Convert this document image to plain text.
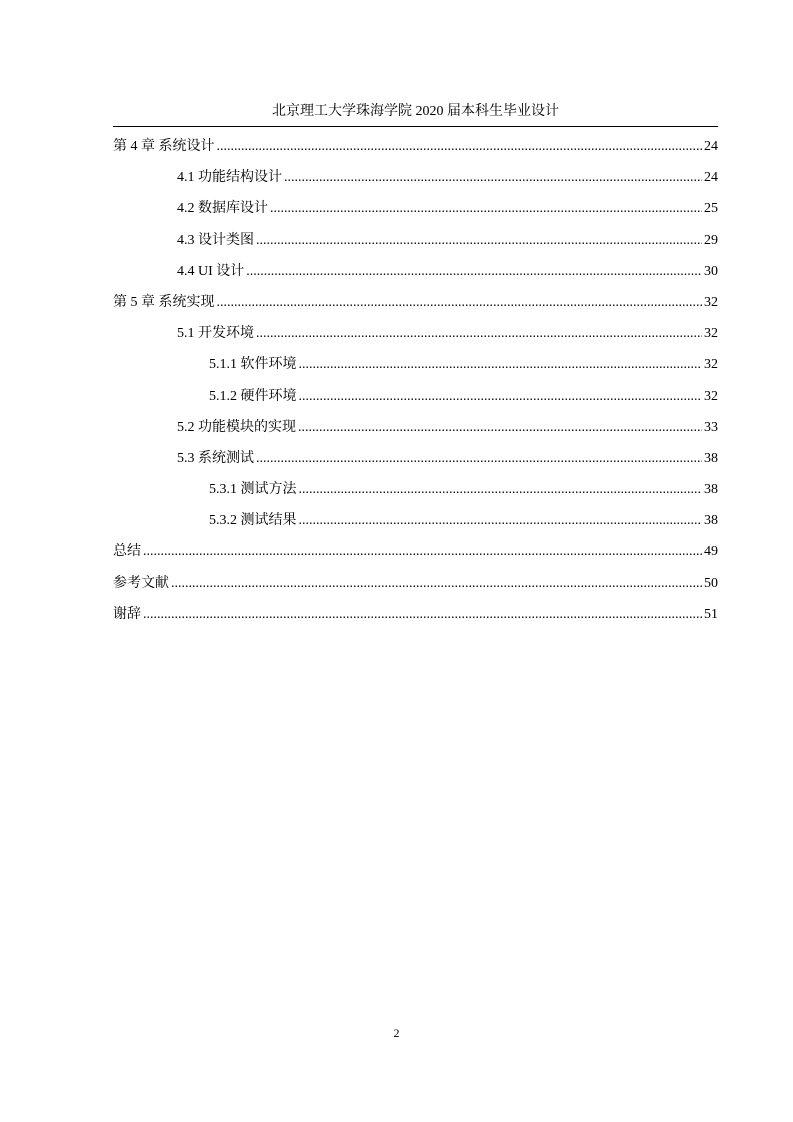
北京理工大学珠海学院 2020 届本科生毕业设计
第 4 章 系统设计 .....	24
4.1 功能结构设计 .....	24
4.2 数据库设计 .....	25
4.3 设计类图 .....	29
4.4 UI 设计 .....	30
第 5 章 系统实现 .....	32
5.1 开发环境 .....	32
5.1.1 软件环境 .....	32
5.1.2 硬件环境 .....	32
5.2 功能模块的实现 .....	33
5.3 系统测试 .....	38
5.3.1 测试方法 .....	38
5.3.2 测试结果 .....	38
总结 .....	49
参考文献 .....	50
谢辞 .....	51
2
